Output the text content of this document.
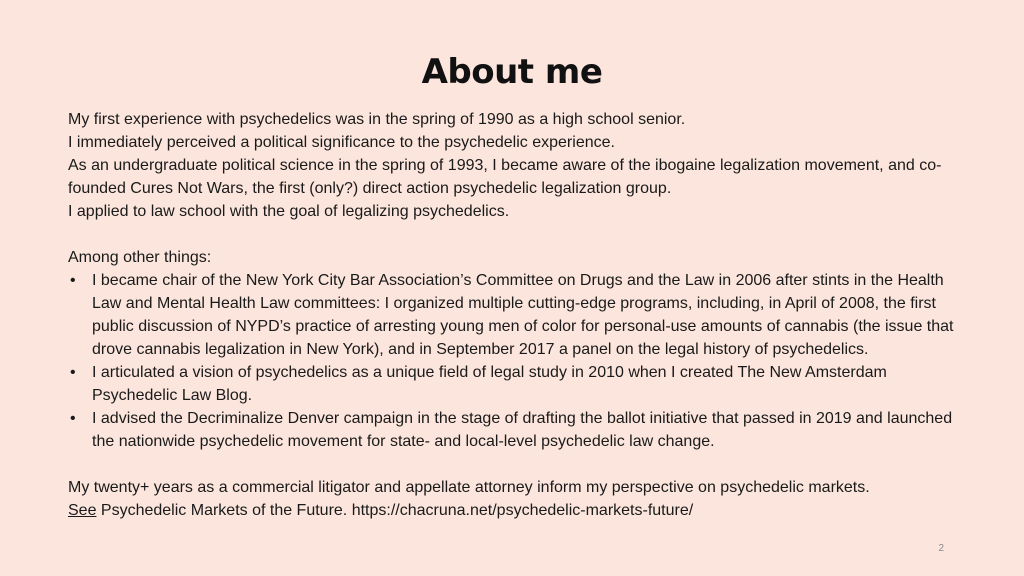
About me

My first experience with psychedelics was in the spring of 1990 as a high school senior.

I immediately perceived a political significance to the psychedelic experience.

As an undergraduate political science in the spring of 1993, I became aware of the ibogaine legalization movement, and co-founded Cures Not Wars, the first (only?) direct action psychedelic legalization group.

I applied to law school with the goal of legalizing psychedelics.

Among other things:

• I became chair of the New York City Bar Association’s Committee on Drugs and the Law in 2006 after stints in the Health Law and Mental Health Law committees: I organized multiple cutting-edge programs, including, in April of 2008, the first public discussion of NYPD’s practice of arresting young men of color for personal-use amounts of cannabis (the issue that drove cannabis legalization in New York), and in September 2017 a panel on the legal history of psychedelics.
• I articulated a vision of psychedelics as a unique field of legal study in 2010 when I created The New Amsterdam Psychedelic Law Blog.
• I advised the Decriminalize Denver campaign in the stage of drafting the ballot initiative that passed in 2019 and launched the nationwide psychedelic movement for state- and local-level psychedelic law change.

My twenty+ years as a commercial litigator and appellate attorney inform my perspective on psychedelic markets.

See Psychedelic Markets of the Future. https://chacruna.net/psychedelic-markets-future/

2
